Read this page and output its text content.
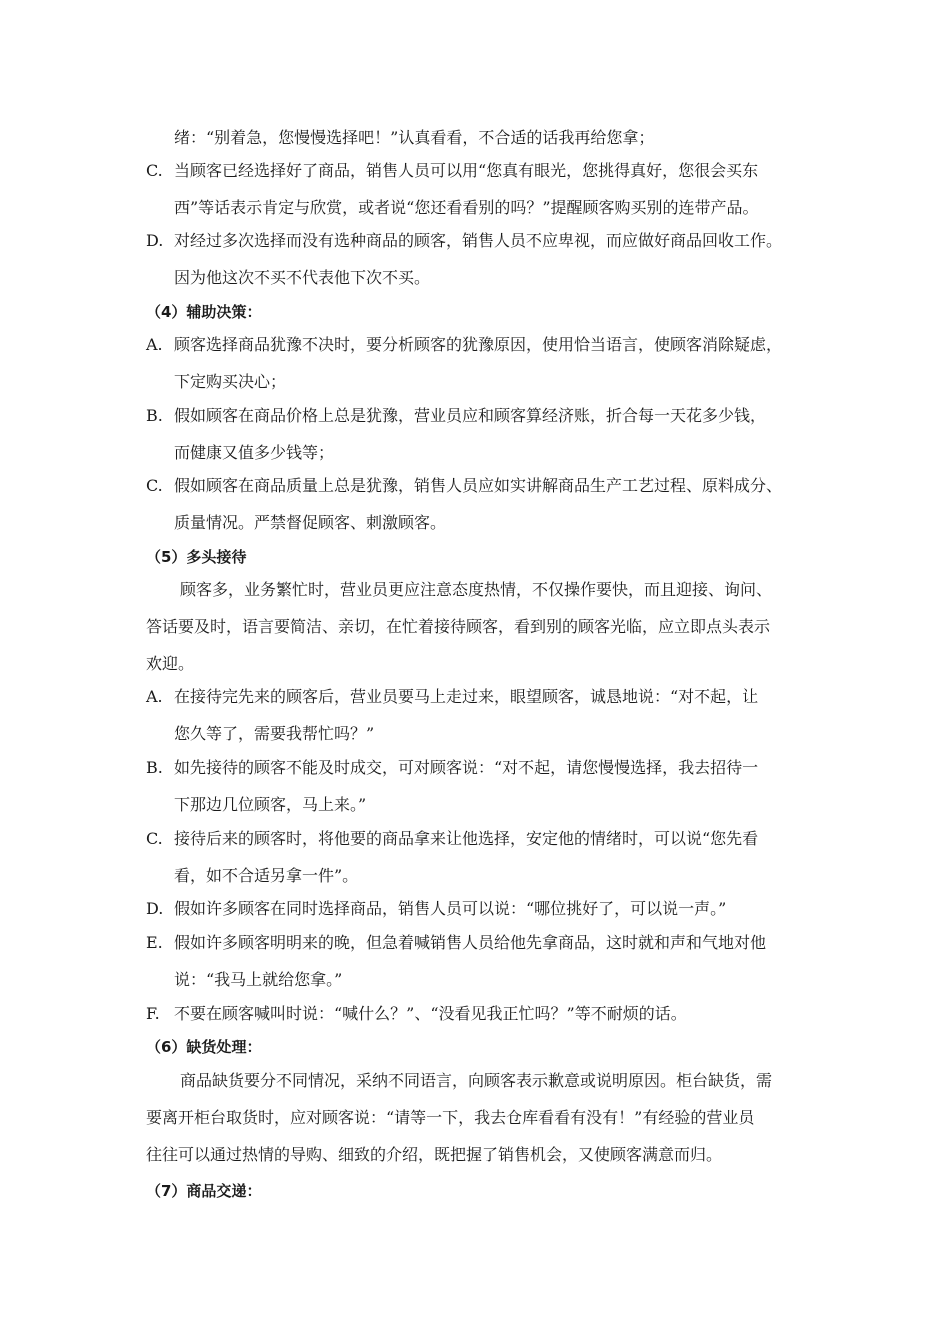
绪：“别着急，您慢慢选择吧！”认真看看，不合适的话我再给您拿；
C. 当顾客已经选择好了商品，销售人员可以用“您真有眼光，您挑得真好，您很会买东
西”等话表示肯定与欣赏，或者说“您还看看别的吗？”提醒顾客购买别的连带产品。
D. 对经过多次选择而没有选种商品的顾客，销售人员不应卑视，而应做好商品回收工作。
因为他这次不买不代表他下次不买。
（4）辅助决策：
A. 顾客选择商品犹豫不决时，要分析顾客的犹豫原因，使用恰当语言，使顾客消除疑虑，
下定购买决心；
B. 假如顾客在商品价格上总是犹豫，营业员应和顾客算经济账，折合每一天花多少钱，
而健康又值多少钱等；
C. 假如顾客在商品质量上总是犹豫，销售人员应如实讲解商品生产工艺过程、原料成分、
质量情况。严禁督促顾客、刺激顾客。
（5）多头接待
顾客多，业务繁忙时，营业员更应注意态度热情，不仅操作要快，而且迎接、询问、
答话要及时，语言要简洁、亲切，在忙着接待顾客，看到别的顾客光临，应立即点头表示
欢迎。
A. 在接待完先来的顾客后，营业员要马上走过来，眼望顾客，诚恳地说：“对不起，让
您久等了，需要我帮忙吗？”
B. 如先接待的顾客不能及时成交，可对顾客说：“对不起，请您慢慢选择，我去招待一
下那边几位顾客，马上来。”
C. 接待后来的顾客时，将他要的商品拿来让他选择，安定他的情绪时，可以说“您先看
看，如不合适另拿一件”。
D. 假如许多顾客在同时选择商品，销售人员可以说：“哪位挑好了，可以说一声。”
E. 假如许多顾客明明来的晚，但急着喊销售人员给他先拿商品，这时就和声和气地对他
说：“我马上就给您拿。”
F. 不要在顾客喊叫时说：“喊什么？”、“没看见我正忙吗？”等不耐烦的话。
（6）缺货处理：
商品缺货要分不同情况，采纳不同语言，向顾客表示歉意或说明原因。柜台缺货，需
要离开柜台取货时，应对顾客说：“请等一下，我去仓库看看有没有！”有经验的营业员
往往可以通过热情的导购、细致的介绍，既把握了销售机会，又使顾客满意而归。
（7）商品交递：
